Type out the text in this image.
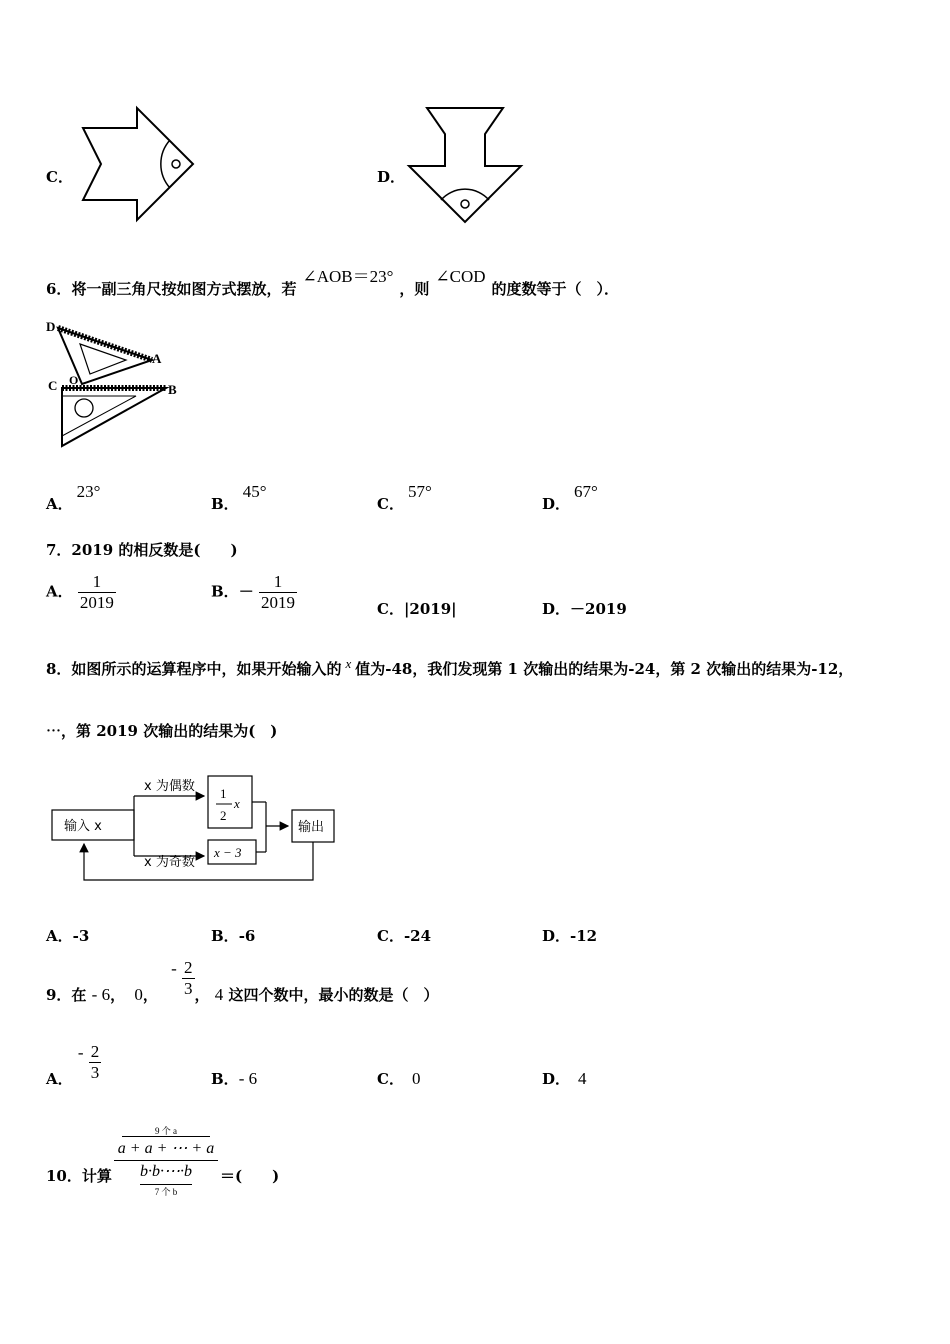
C．	D．
6．将一副三角尺按如图方式摆放，若∠AOB＝23°，则∠COD的度数等于（　）．
D
A
C O
B
A．23°
B．45°
C．57°
D．67°
7．2019 的相反数是(　　)
A． $\frac{1}{2019}$	B．－ $\frac{1}{2019}$	C．|2019|	D．－2019
8．如图所示的运算程序中，如果开始输入的 x 值为-48，我们发现第 1 次输出的结果为-24，第 2 次输出的结果为-12，
⋯，第 2019 次输出的结果为(　)
输入 x
x 为偶数
x 为奇数
1
2
x
x − 3
输出
A．-3	B．-6	C．-24	D．-12
9．在 - 6， 0， - $\frac{2}{3}$ ， 4 这四个数中，最小的数是（　）
A． - $\frac{2}{3}$	B．- 6	C． 0	D． 4
10．计算
9 个 a
a + a + ⋯ + a
b·b·⋯·b
7 个 b
＝(　　)
